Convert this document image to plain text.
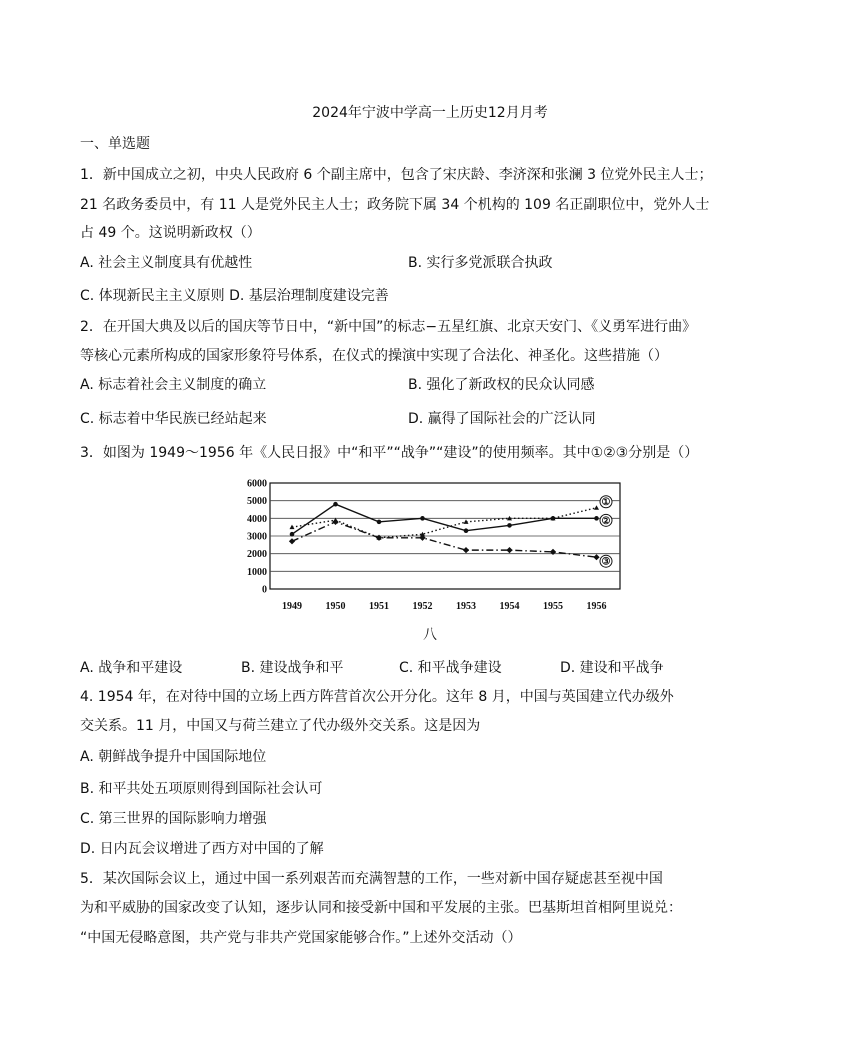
2024年宁波中学高一上历史12月月考
一、单选题
1．新中国成立之初，中央人民政府 6 个副主席中，包含了宋庆龄、李济深和张澜 3 位党外民主人士；
21 名政务委员中，有 11 人是党外民主人士；政务院下属 34 个机构的 109 名正副职位中，党外人士
占 49 个。这说明新政权（）
A. 社会主义制度具有优越性	B. 实行多党派联合执政
C. 体现新民主主义原则 D. 基层治理制度建设完善
2．在开国大典及以后的国庆等节日中，“新中国”的标志−五星红旗、北京天安门、《义勇军进行曲》
等核心元素所构成的国家形象符号体系，在仪式的操演中实现了合法化、神圣化。这些措施（）
A. 标志着社会主义制度的确立	B. 强化了新政权的民众认同感
C. 标志着中华民族已经站起来	D. 赢得了国际社会的广泛认同
3．如图为 1949～1956 年《人民日报》中“和平”“战争”“建设”的使用频率。其中①②③分别是（）
0
1000
2000
3000
4000
5000
6000
1949 1950 1951 1952 1953 1954 1955 1956
①
②
③
八
A. 战争和平建设	B. 建设战争和平	C. 和平战争建设	D. 建设和平战争
4. 1954 年，在对待中国的立场上西方阵营首次公开分化。这年 8 月，中国与英国建立代办级外
交关系。11 月，中国又与荷兰建立了代办级外交关系。这是因为
A. 朝鲜战争提升中国国际地位
B. 和平共处五项原则得到国际社会认可
C. 第三世界的国际影响力增强
D. 日内瓦会议增进了西方对中国的了解
5．某次国际会议上，通过中国一系列艰苦而充满智慧的工作，一些对新中国存疑虑甚至视中国
为和平威胁的国家改变了认知，逐步认同和接受新中国和平发展的主张。巴基斯坦首相阿里说兑：
“中国无侵略意图，共产党与非共产党国家能够合作。”上述外交活动（）
